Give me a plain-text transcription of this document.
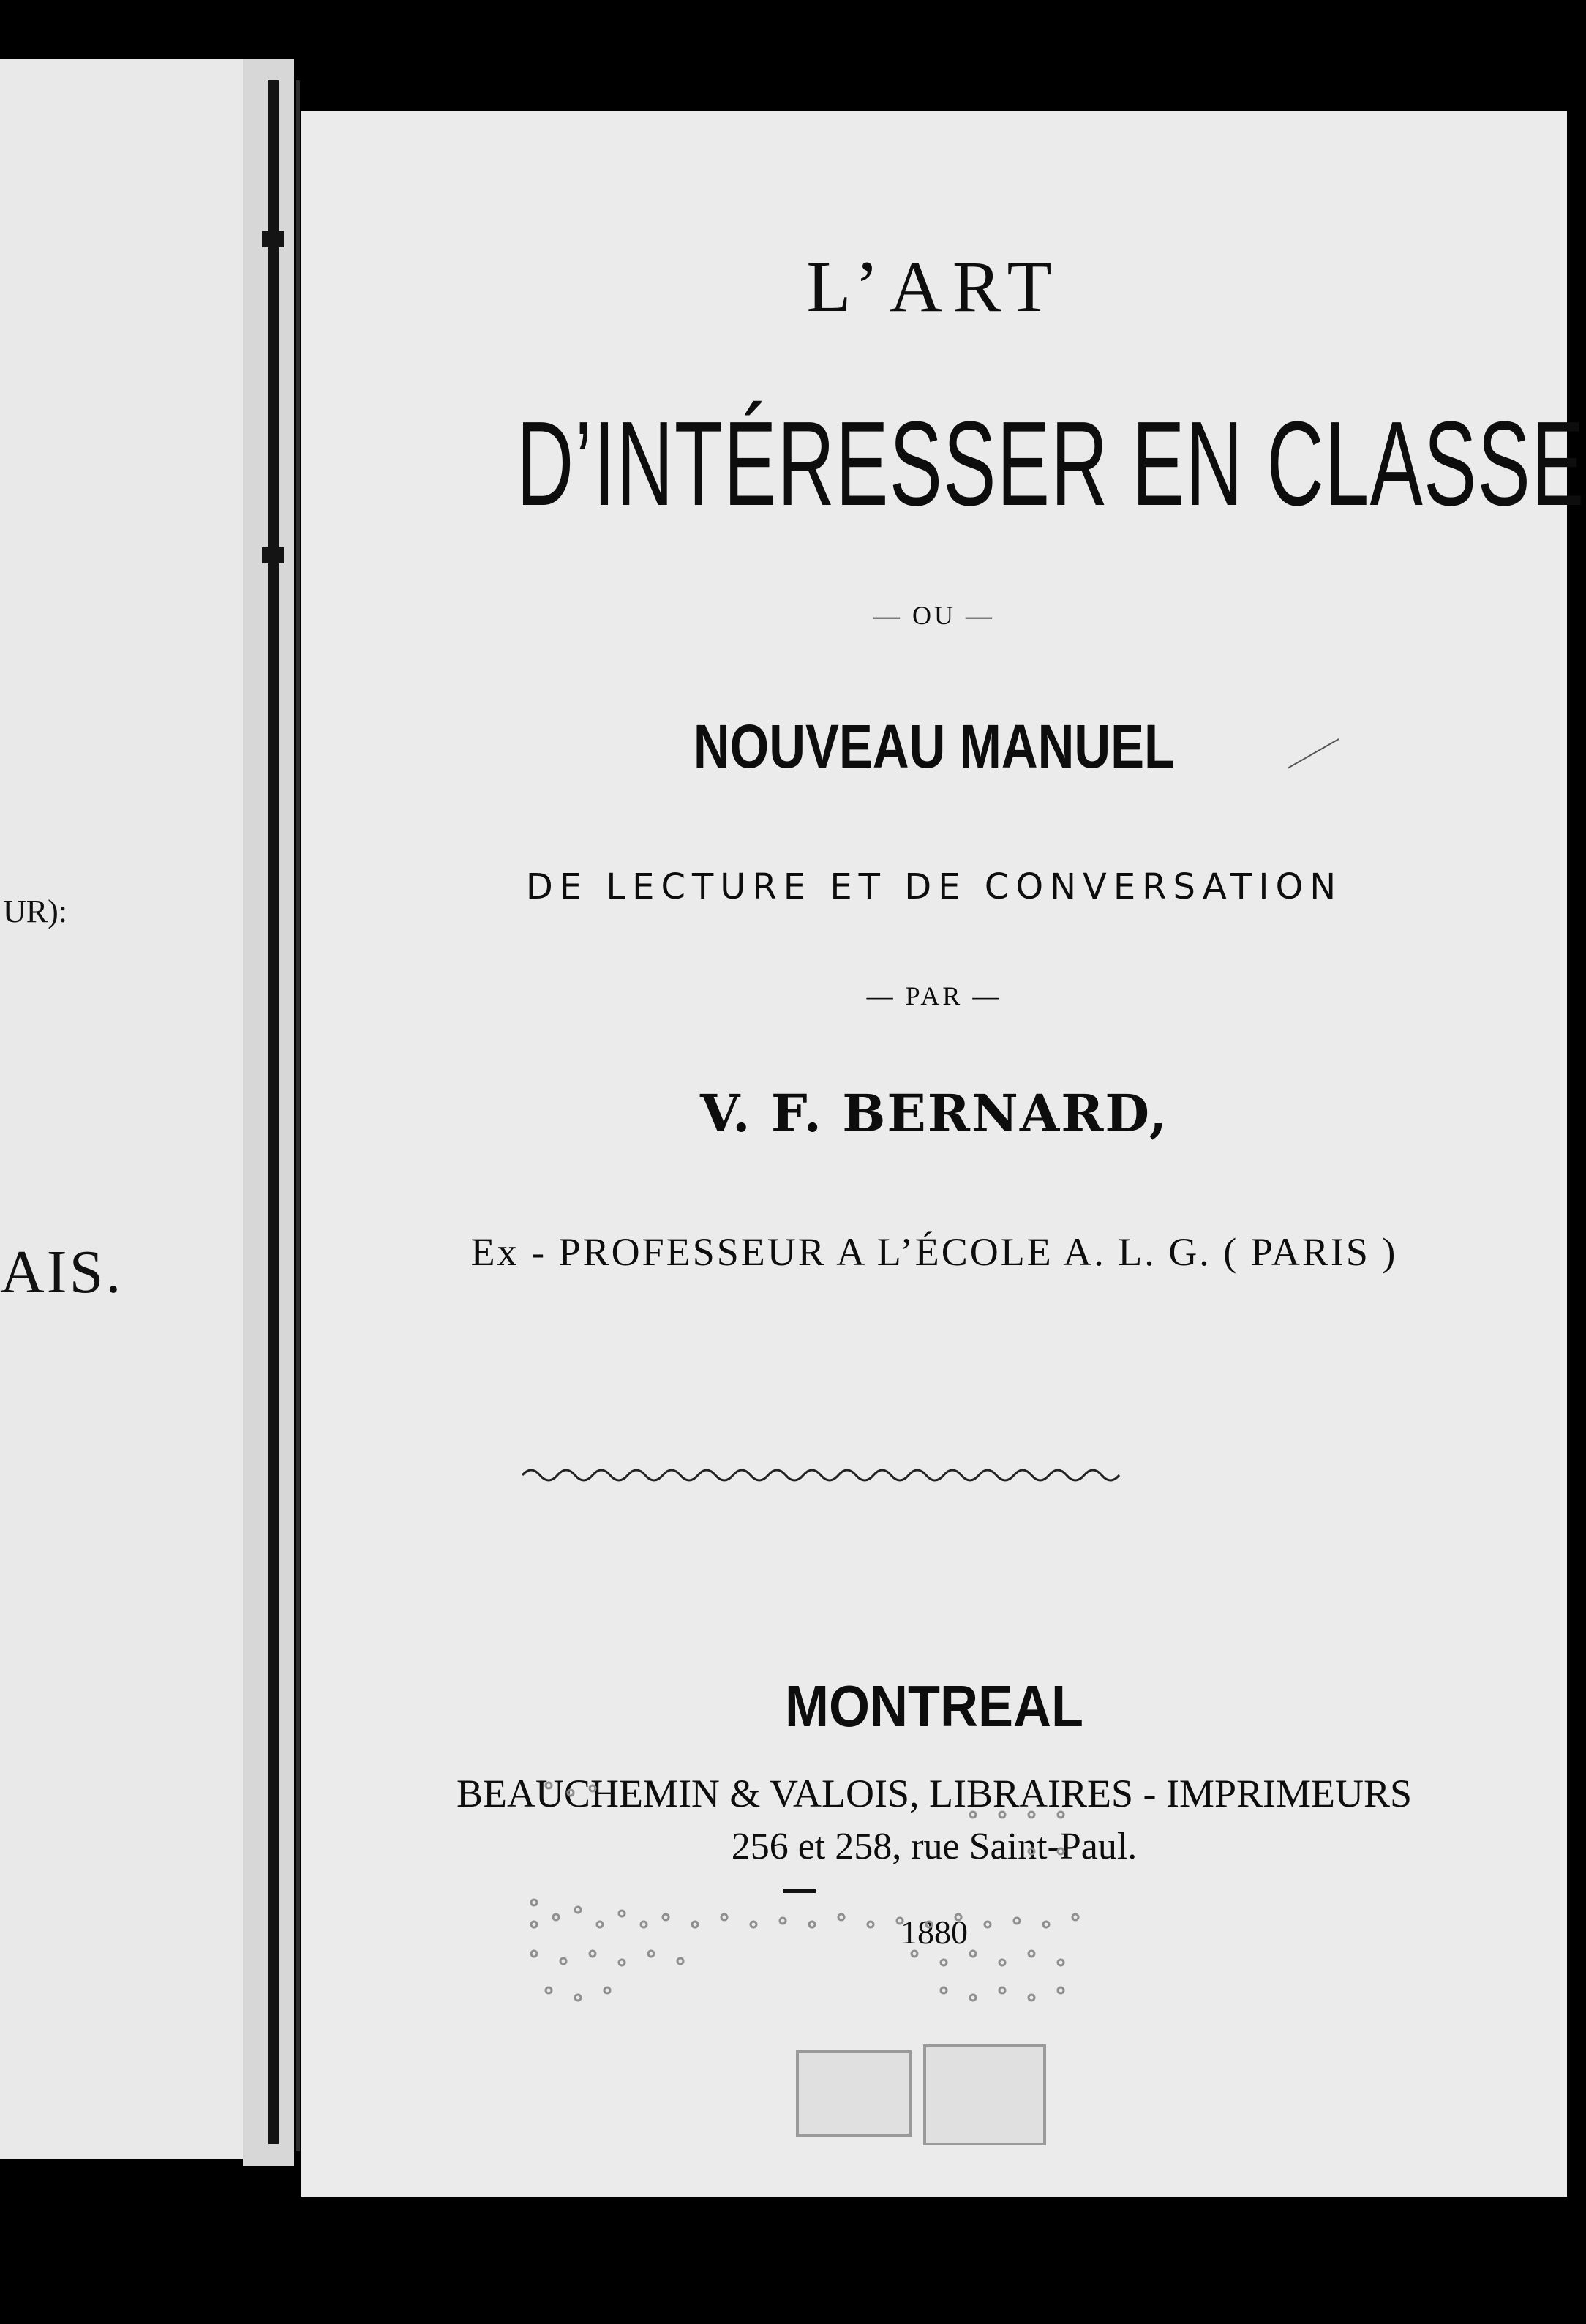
UR):
AIS.
L’ART
D’INTÉRESSER EN CLASSE
— OU —
NOUVEAU MANUEL
DE LECTURE ET DE CONVERSATION
— PAR —
V. F. BERNARD,
Ex - PROFESSEUR A L’ÉCOLE A. L. G. ( PARIS )
MONTREAL
BEAUCHEMIN & VALOIS, LIBRAIRES - IMPRIMEURS
256 et 258, rue Saint-Paul.
1880
